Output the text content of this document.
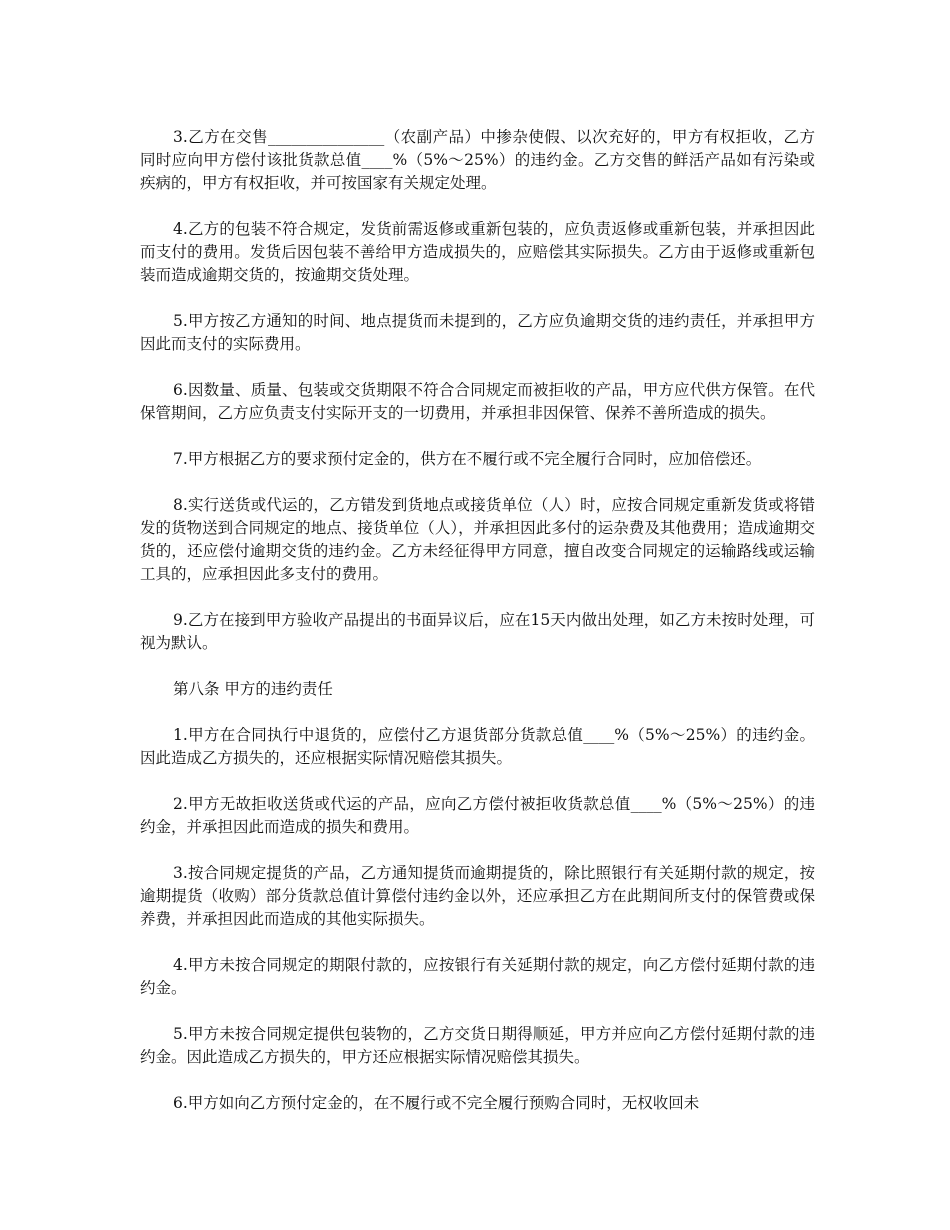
3.乙方在交售_______________（农副产品）中掺杂使假、以次充好的，甲方有权拒收，乙方同时应向甲方偿付该批货款总值____%（5%～25%）的违约金。乙方交售的鲜活产品如有污染或疾病的，甲方有权拒收，并可按国家有关规定处理。

4.乙方的包装不符合规定，发货前需返修或重新包装的，应负责返修或重新包装，并承担因此而支付的费用。发货后因包装不善给甲方造成损失的，应赔偿其实际损失。乙方由于返修或重新包装而造成逾期交货的，按逾期交货处理。

5.甲方按乙方通知的时间、地点提货而未提到的，乙方应负逾期交货的违约责任，并承担甲方因此而支付的实际费用。

6.因数量、质量、包装或交货期限不符合合同规定而被拒收的产品，甲方应代供方保管。在代保管期间，乙方应负责支付实际开支的一切费用，并承担非因保管、保养不善所造成的损失。

7.甲方根据乙方的要求预付定金的，供方在不履行或不完全履行合同时，应加倍偿还。

8.实行送货或代运的，乙方错发到货地点或接货单位（人）时，应按合同规定重新发货或将错发的货物送到合同规定的地点、接货单位（人），并承担因此多付的运杂费及其他费用；造成逾期交货的，还应偿付逾期交货的违约金。乙方未经征得甲方同意，擅自改变合同规定的运输路线或运输工具的，应承担因此多支付的费用。

9.乙方在接到甲方验收产品提出的书面异议后，应在15天内做出处理，如乙方未按时处理，可视为默认。

第八条 甲方的违约责任

1.甲方在合同执行中退货的，应偿付乙方退货部分货款总值____%（5%～25%）的违约金。因此造成乙方损失的，还应根据实际情况赔偿其损失。

2.甲方无故拒收送货或代运的产品，应向乙方偿付被拒收货款总值____%（5%～25%）的违约金，并承担因此而造成的损失和费用。

3.按合同规定提货的产品，乙方通知提货而逾期提货的，除比照银行有关延期付款的规定，按逾期提货（收购）部分货款总值计算偿付违约金以外，还应承担乙方在此期间所支付的保管费或保养费，并承担因此而造成的其他实际损失。

4.甲方未按合同规定的期限付款的，应按银行有关延期付款的规定，向乙方偿付延期付款的违约金。

5.甲方未按合同规定提供包装物的，乙方交货日期得顺延，甲方并应向乙方偿付延期付款的违约金。因此造成乙方损失的，甲方还应根据实际情况赔偿其损失。

6.甲方如向乙方预付定金的，在不履行或不完全履行预购合同时，无权收回未
